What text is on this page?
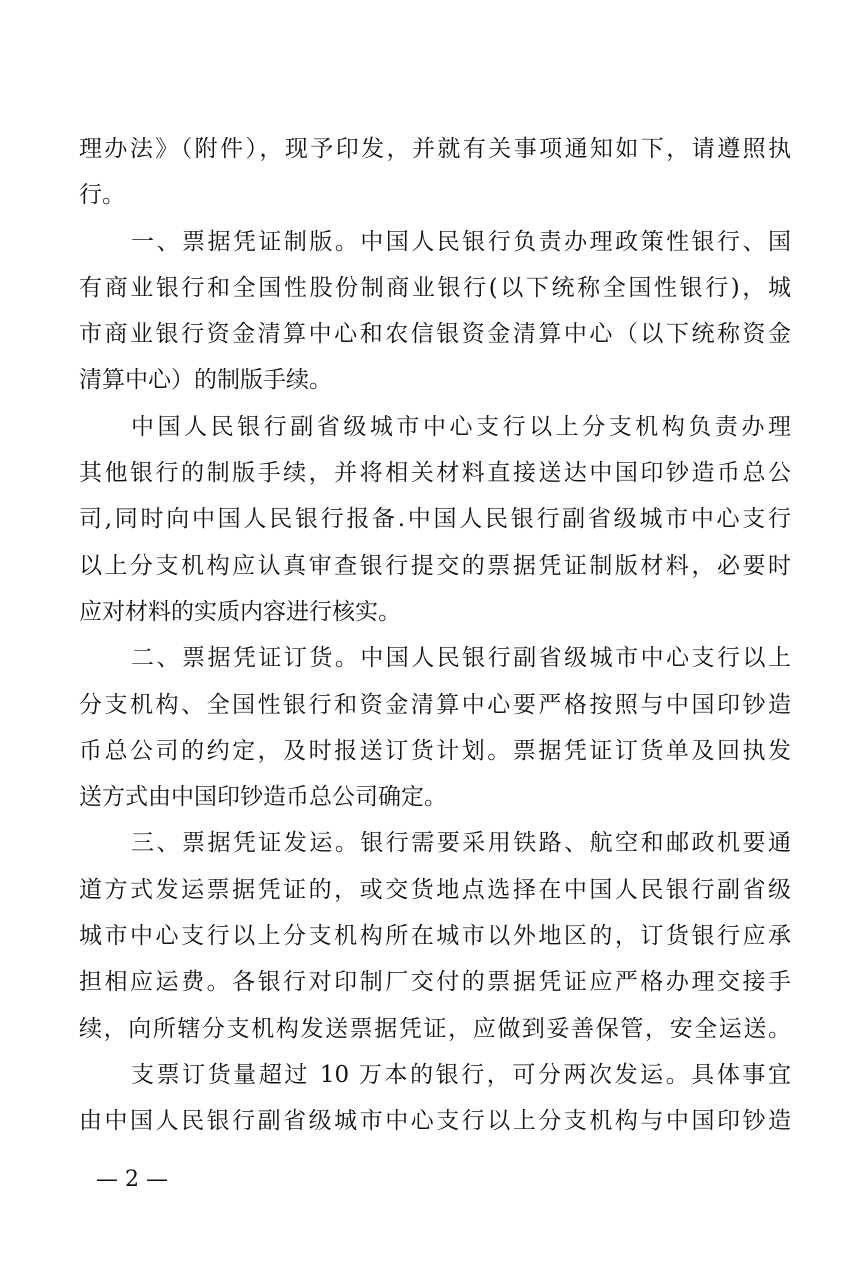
理办法》（附件），现予印发，并就有关事项通知如下，请遵照执
行。
一、票据凭证制版。中国人民银行负责办理政策性银行、国
有商业银行和全国性股份制商业银行(以下统称全国性银行)，城
市商业银行资金清算中心和农信银资金清算中心（以下统称资金
清算中心）的制版手续。
中国人民银行副省级城市中心支行以上分支机构负责办理
其他银行的制版手续，并将相关材料直接送达中国印钞造币总公
司,同时向中国人民银行报备.中国人民银行副省级城市中心支行
以上分支机构应认真审查银行提交的票据凭证制版材料，必要时
应对材料的实质内容进行核实。
二、票据凭证订货。中国人民银行副省级城市中心支行以上
分支机构、全国性银行和资金清算中心要严格按照与中国印钞造
币总公司的约定，及时报送订货计划。票据凭证订货单及回执发
送方式由中国印钞造币总公司确定。
三、票据凭证发运。银行需要采用铁路、航空和邮政机要通
道方式发运票据凭证的，或交货地点选择在中国人民银行副省级
城市中心支行以上分支机构所在城市以外地区的，订货银行应承
担相应运费。各银行对印制厂交付的票据凭证应严格办理交接手
续，向所辖分支机构发送票据凭证，应做到妥善保管，安全运送。
支票订货量超过 10 万本的银行，可分两次发运。具体事宜
由中国人民银行副省级城市中心支行以上分支机构与中国印钞造
— 2 —
